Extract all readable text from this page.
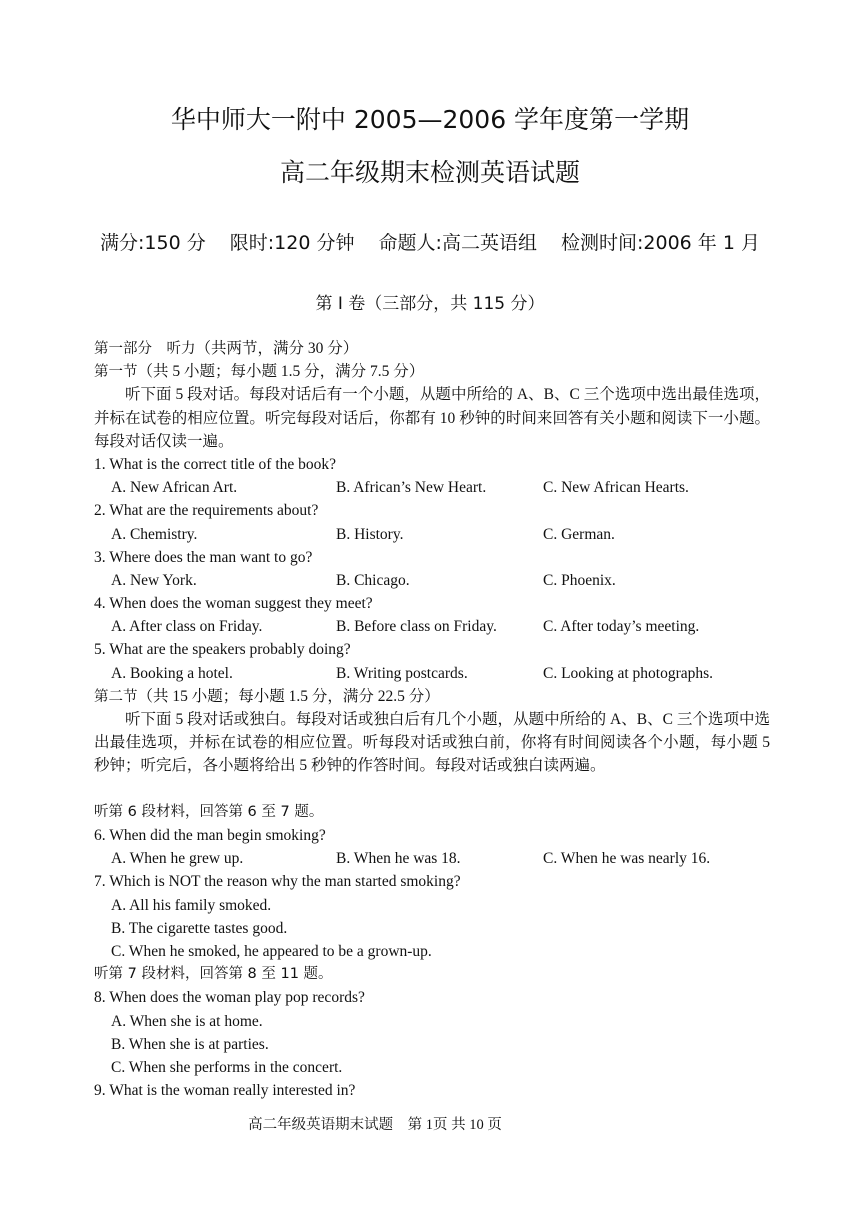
华中师大一附中 2005—2006 学年度第一学期
高二年级期末检测英语试题
满分:150 分 限时:120 分钟 命题人:高二英语组 检测时间:2006 年 1 月
第 I 卷（三部分，共 115 分）
第一部分　听力（共两节，满分 30 分）
第一节（共 5 小题；每小题 1.5 分，满分 7.5 分）
听下面 5 段对话。每段对话后有一个小题，从题中所给的 A、B、C 三个选项中选出最佳选项，并标在试卷的相应位置。听完每段对话后，你都有 10 秒钟的时间来回答有关小题和阅读下一小题。每段对话仅读一遍。
1. What is the correct title of the book?
A. New African Art.	B. African’s New Heart.	C. New African Hearts.
2. What are the requirements about?
A. Chemistry.	B. History.	C. German.
3. Where does the man want to go?
A. New York.	B. Chicago.	C. Phoenix.
4. When does the woman suggest they meet?
A. After class on Friday.	B. Before class on Friday.	C. After today’s meeting.
5. What are the speakers probably doing?
A. Booking a hotel.	B. Writing postcards.	C. Looking at photographs.
第二节（共 15 小题；每小题 1.5 分，满分 22.5 分）
听下面 5 段对话或独白。每段对话或独白后有几个小题，从题中所给的 A、B、C 三个选项中选出最佳选项，并标在试卷的相应位置。听每段对话或独白前，你将有时间阅读各个小题，每小题 5 秒钟；听完后，各小题将给出 5 秒钟的作答时间。每段对话或独白读两遍。
听第 6 段材料，回答第 6 至 7 题。
6. When did the man begin smoking?
A. When he grew up.	B. When he was 18.	C. When he was nearly 16.
7. Which is NOT the reason why the man started smoking?
A. All his family smoked.
B. The cigarette tastes good.
C. When he smoked, he appeared to be a grown-up.
听第 7 段材料，回答第 8 至 11 题。
8. When does the woman play pop records?
A. When she is at home.
B. When she is at parties.
C. When she performs in the concert.
9. What is the woman really interested in?
高二年级英语期末试题　第 1页 共 10 页
